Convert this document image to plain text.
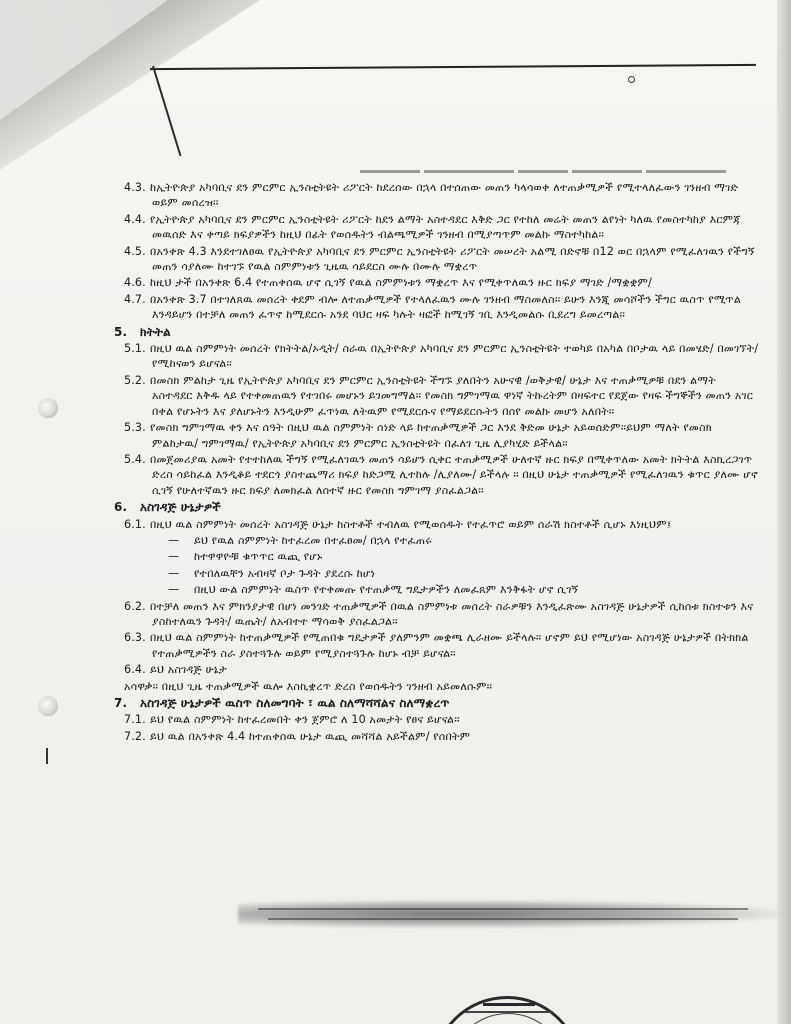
4.3. ከኢትዮጵያ አካባቢና ደን ምርምር ኢንስቲትዩት ሪፖርት ከደረሰው በኋላ በተሰጠው መጠን ካላሳወቀ ለተጠቃሚዎች የሚተላለፈውን ገንዘብ ማገድ ወይም መሰረዝ፡፡
4.4. የኢትዮጵያ አካባቢና ደን ምርምር ኢንስቲትዩት ሪፖርት ከደን ልማት አስተዳደር እቅድ ጋር የተከለ መሬት መጠን ልየነት ካለዉ የመስተካከያ እርምጃ መዉሰድ እና ቀጣይ ክፍያዎችን ከዚህ በፊት የወሰዱትን ብልጫሚዎች ገንዘብ በሚያጣጥም መልኩ ማስተካከል፡፡
4.5. በአንቀጽ 4.3 እንደተገለፀዉ የኢትዮጵያ አካባቢና ደን ምርምር ኢንስቲትዩት ሪፖርት መሠረት አልሚ በድኖቹ በ12 ወር በኋላም የሚፈለገዉን የችግኝ መጠን ሳያለሙ ከተገኙ የዉል ስምምነቱን ጊዜዉ ሳይደርስ ሙሉ በሙሉ ማቋረጥ
4.6. ከዚህ ታች በአንቀጽ 6.4 የተጠቀሰዉ ሆኖ ሲገኝ የዉል ስምምነቱን ማቋረጥ እና የሚቀጥለዉን ዙር ክፍያ ማገድ /ማቋቋም/
4.7. በአንቀጽ 3.7 በተገለጸዉ መሰረት ቀደም ብሎ ለተጠቃሚዎች የተላለፈዉን ሙሉ ገንዘብ ማስመለስ፡፡ ይሁን እንጂ መሳሾችን ችግር ዉስጥ የሚጥል እንዳይሆን በተቻለ መጠን ፈጥኖ ከሚደርሱ አንደ ባህር ዛፍ ካሉት ዛፎች ከሚገኝ ገቢ እንዲመልሱ ቢደረግ ይመረጣል፡፡
5. ክትትል
5.1. በዚህ ዉል ስምምነት መሰረት የክትትል/ኦዲት/ ስራዉ በኢትዮጵያ አካባቢና ደን ምርምር ኢንስቲትዩት ተወካይ በአካል በቦታዉ ላይ በመሄድ/ በመገኘት/ የሚከናወን ይሆናል፡፡
5.2. በመስክ ምልከታ ጊዜ የኢትዮጵያ አካባቢና ደን ምርምር ኢንስቲትዩት ችግኙ ያለበትን አሁናዊ /ወቅታዊ/ ሁኔታ እና ተጠቃሚዎቹ በደን ልማት አስተዳደር እቅዱ ላይ የተቀመጠዉን የተገበሩ መሆኑን ይገመግማል፡፡ የመስክ ግምገማዉ ዋነኛ ትኩረትም በዛፍተር የደጀው የዛፍ ችግኞችን መጠን አገር በቀል የሆኑትን እና ያለሆኑትን እንዲሁም ፈጥነዉ ለትዉም የሚደርሱና የማይደርሱትን በሰየ መልኩ መሆን አለበት፡፡
5.3. የመስክ ግምገማዉ ቀን እና ሰዓት በዚህ ዉል ስምምነት ሰነድ ላይ ከተጠቃሚዎች ጋር እንደ ቅድመ ሁኔታ አይወሰድም፡፡ይህም ማለት የመስክ ምልከታዉ/ ግምገማዉ/ የኢትዮጵያ አካባቢና ደን ምርምር ኢንስቲትዩት በፈለገ ጊዜ ሊያካሂድ ይችላል፡፡
5.4. በመጀመሪያዉ አመት የተተከለዉ ችግኝ የሚፈለገዉን መጠን ሳይሆን ሲቀር ተጠቃሚዎች ሁለተኛ ዙር ክፍያ በሚቀጥለው አመት ክትትል እስኪረጋገጥ ድረስ ሳይከፈል እንዲቆይ ተደርጎ ያስተጨማሪ ክፍያ ከድጋሚ ሊተከሉ /ሊያለሙ/ ይችላሉ ፡፡ በዚህ ሁኔታ ተጠቃሚዎች የሚፈለገዉን ቁጥር ያለሙ ሆኖ ሲገኝ የሁለተኛዉን ዙር ክፍያ ለመክፈል ለሰተኛ ዙር የመስክ ግምገማ ያስፈልጋል፡፡
6. አስገዳጅ ሁኔታዎች
6.1. በዚህ ዉል ስምምነት መሰረት አስገዳጅ ሁኔታ ከስተቶች ተብለዉ የሚወሰዱት የተፈጥሮ ወይም ሰራሽ ክስተቶች ሲሆኑ እነዚህም፤
— ይህ የዉል ስምምነት ከተፈረመ በተፈፀመ/ በኋላ የተፈጠሩ
— ከተዋዋዮቹ ቁጥጥር ዉጪ የሆኑ
— የተበለዉቸን አብዛኛ ቦታ ጉዳት ያደረሱ ከሆነ
— በዚህ ውል ስምምነት ዉስጥ የተቀመጡ የተጠቃሚ ግዴታዎችን ለመፈጸም እንቅፋት ሆኖ ሲገኝ
6.2. በተቻለ መጠን እና ምክንያታዊ በሆነ መንገድ ተጠቃሚዎች በዉል ስምምነቱ መሰረት ስራዎቹን እንዲፈጽሙ አስገዳጅ ሁኔታዎች ሲከሰቱ ክስተቱን እና ያስከተለዉን ጉዳት/ ዉጤት/ ለአብተተ ማሳወቅ ያስፈልጋል፡፡
6.3. በዚህ ዉል ስምምነት ከተጠቃሚዎች የሚጠበቁ ግዴታዎች ያለምንም መቋጫ ሊራዘሙ ይችላሉ፡፡ ሆኖም ይህ የሚሆነው አስገዳጅ ሁኔታዎች በትክክል የተጠቃሚዎችን ስራ ያስተጓጉሉ ወይም የሚያስተጓጉሉ ከሆኑ ብቻ ይሆናል፡፡
6.4. ይህ አስገዳጅ ሁኔታ
አሳዋቃ፡፡ በዚህ ጊዜ ተጠቃሚዎች ዉሎ እስኪቋረጥ ድረስ የወሰዱትን ገንዘብ አይመለሱም፡፡
7. አስገዳጅ ሁኔታዎች ዉስጥ ስለመግባት ፣ ዉል ስለማሻሻልና ስለማቋረጥ
7.1. ይህ የዉል ስምምነት ከተፈረመበት ቀን ጀምሮ ለ 10 አመታት የፀና ይሆናል፡፡
7.2. ይህ ዉል በአንቀጽ 4.4 ከተጠቀሰዉ ሁኔታ ዉጪ መሻሻል አይችልም/ የሰበትም
